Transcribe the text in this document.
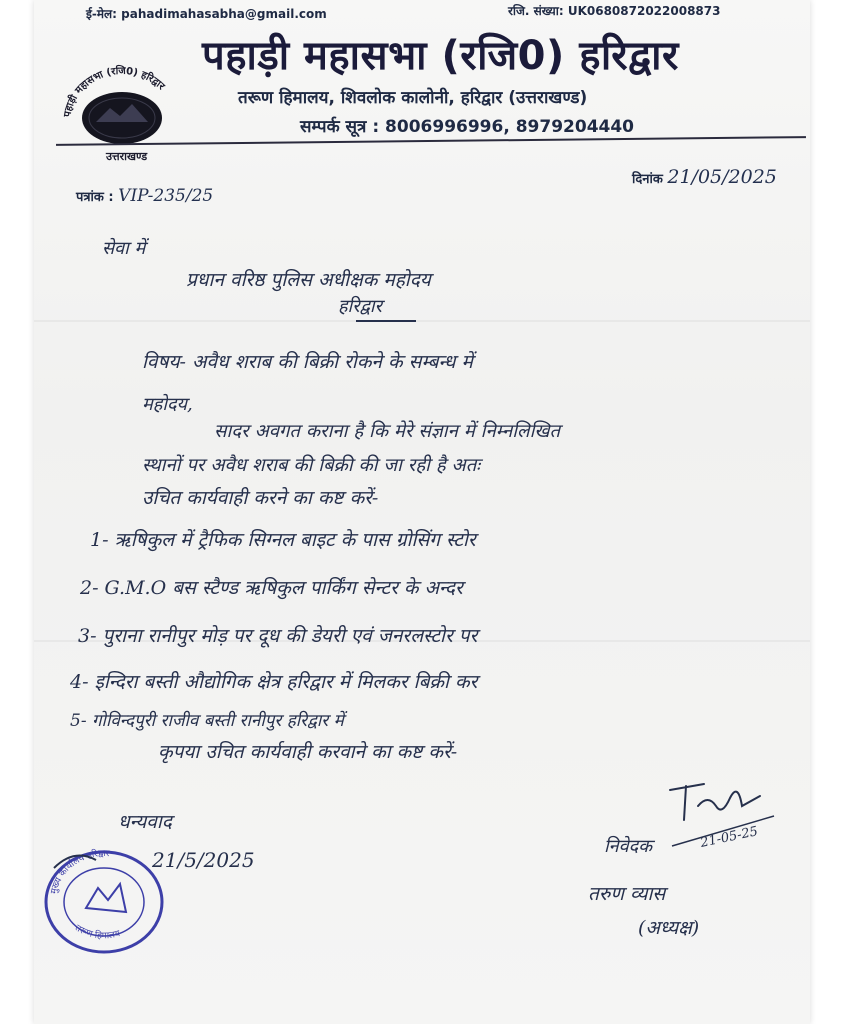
ई-मेल: pahadimahasabha@gmail.com	रजि. संख्या: UK0680872022008873
पहाड़ी महासभा (रजि0) हरिद्वार
उत्तराखण्ड
पहाड़ी महासभा (रजि0) हरिद्वार
तरूण हिमालय, शिवलोक कालोनी, हरिद्वार (उत्तराखण्ड)
सम्पर्क सूत्र : 8006996996, 8979204440
पत्रांक : VIP-235/25
दिनांक 21/05/2025
सेवा में
प्रधान वरिष्ठ पुलिस अधीक्षक महोदय
हरिद्वार
विषय- अवैध शराब की बिक्री रोकने के सम्बन्ध में
महोदय,
सादर अवगत कराना है कि मेरे संज्ञान में निम्नलिखित
स्थानों पर अवैध शराब की बिक्री की जा रही है अतः
उचित कार्यवाही करने का कष्ट करें-
1- ऋषिकुल में ट्रैफिक सिग्नल बाइट के पास ग्रोसिंग स्टोर
2- G.M.O बस स्टैण्ड ऋषिकुल पार्किंग सेन्टर के अन्दर
3- पुराना रानीपुर मोड़ पर दूध की डेयरी एवं जनरलस्टोर पर
4- इन्दिरा बस्ती औद्योगिक क्षेत्र हरिद्वार में मिलकर बिक्री कर
5- गोविन्दपुरी राजीव बस्ती रानीपुर हरिद्वार में
कृपया उचित कार्यवाही करवाने का कष्ट करें-
धन्यवाद
मुख्य कार्यालय हरिद्वार
तरूण हिमालय
21/5/2025
निवेदक	21-05-25
तरुण व्यास
(अध्यक्ष)
